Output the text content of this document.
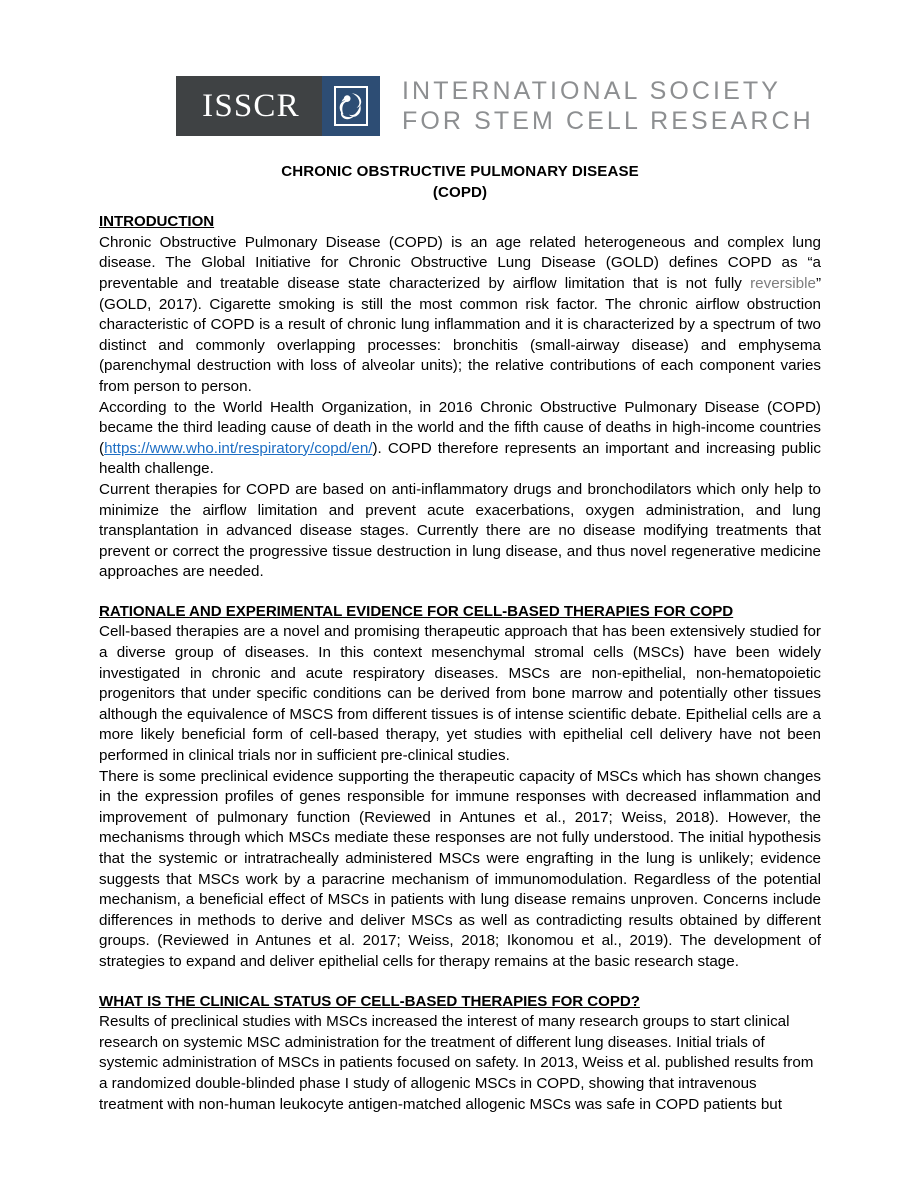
ISSCR	INTERNATIONAL SOCIETY
FOR STEM CELL RESEARCH
CHRONIC OBSTRUCTIVE PULMONARY DISEASE
(COPD)
INTRODUCTION

Chronic Obstructive Pulmonary Disease (COPD) is an age related heterogeneous and complex lung disease. The Global Initiative for Chronic Obstructive Lung Disease (GOLD) defines COPD as “a preventable and treatable disease state characterized by airflow limitation that is not fully reversible” (GOLD, 2017). Cigarette smoking is still the most common risk factor. The chronic airflow obstruction characteristic of COPD is a result of chronic lung inflammation and it is characterized by a spectrum of two distinct and commonly overlapping processes: bronchitis (small-airway disease) and emphysema (parenchymal destruction with loss of alveolar units); the relative contributions of each component varies from person to person.

According to the World Health Organization, in 2016 Chronic Obstructive Pulmonary Disease (COPD) became the third leading cause of death in the world and the fifth cause of deaths in high-income countries (https://www.who.int/respiratory/copd/en/). COPD therefore represents an important and increasing public health challenge.

Current therapies for COPD are based on anti-inflammatory drugs and bronchodilators which only help to minimize the airflow limitation and prevent acute exacerbations, oxygen administration, and lung transplantation in advanced disease stages. Currently there are no disease modifying treatments that prevent or correct the progressive tissue destruction in lung disease, and thus novel regenerative medicine approaches are needed.

RATIONALE AND EXPERIMENTAL EVIDENCE FOR CELL-BASED THERAPIES FOR COPD

Cell-based therapies are a novel and promising therapeutic approach that has been extensively studied for a diverse group of diseases. In this context mesenchymal stromal cells (MSCs) have been widely investigated in chronic and acute respiratory diseases. MSCs are non-epithelial, non-hematopoietic progenitors that under specific conditions can be derived from bone marrow and potentially other tissues although the equivalence of MSCS from different tissues is of intense scientific debate. Epithelial cells are a more likely beneficial form of cell-based therapy, yet studies with epithelial cell delivery have not been performed in clinical trials nor in sufficient pre-clinical studies.

There is some preclinical evidence supporting the therapeutic capacity of MSCs which has shown changes in the expression profiles of genes responsible for immune responses with decreased inflammation and improvement of pulmonary function (Reviewed in Antunes et al., 2017; Weiss, 2018). However, the mechanisms through which MSCs mediate these responses are not fully understood. The initial hypothesis that the systemic or intratracheally administered MSCs were engrafting in the lung is unlikely; evidence suggests that MSCs work by a paracrine mechanism of immunomodulation. Regardless of the potential mechanism, a beneficial effect of MSCs in patients with lung disease remains unproven. Concerns include differences in methods to derive and deliver MSCs as well as contradicting results obtained by different groups. (Reviewed in Antunes et al. 2017; Weiss, 2018; Ikonomou et al., 2019). The development of strategies to expand and deliver epithelial cells for therapy remains at the basic research stage.

WHAT IS THE CLINICAL STATUS OF CELL-BASED THERAPIES FOR COPD?

Results of preclinical studies with MSCs increased the interest of many research groups to start clinical research on systemic MSC administration for the treatment of different lung diseases. Initial trials of systemic administration of MSCs in patients focused on safety. In 2013, Weiss et al. published results from a randomized double-blinded phase I study of allogenic MSCs in COPD, showing that intravenous treatment with non-human leukocyte antigen-matched allogenic MSCs was safe in COPD patients but
